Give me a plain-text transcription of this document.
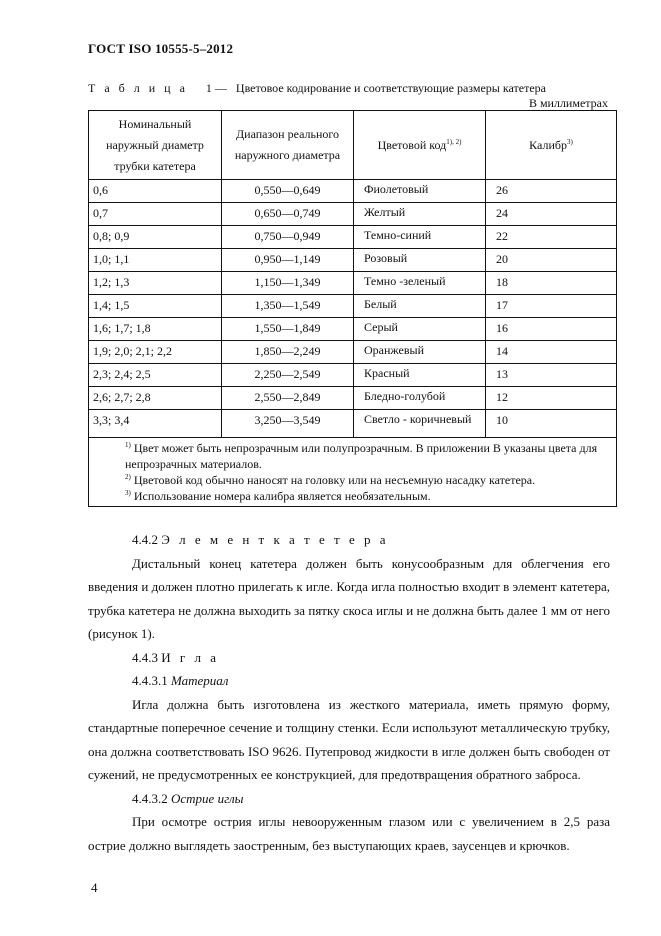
ГОСТ ISO 10555-5–2012
Т а б л и ц а 1 — Цветовое кодирование и соответствующие размеры катетера
В миллиметрах
Номинальный наружный диаметр трубки катетера	Диапазон реального наружного диаметра	Цветовой код$^{1), 2)}$	Калибр$^{3)}$
0,6	0,550—0,649	Фиолетовый	26
0,7	0,650—0,749	Желтый	24
0,8; 0,9	0,750—0,949	Темно-синий	22
1,0; 1,1	0,950—1,149	Розовый	20
1,2; 1,3	1,150—1,349	Темно -зеленый	18
1,4; 1,5	1,350—1,549	Белый	17
1,6; 1,7; 1,8	1,550—1,849	Серый	16
1,9; 2,0; 2,1; 2,2	1,850—2,249	Оранжевый	14
2,3; 2,4; 2,5	2,250—2,549	Красный	13
2,6; 2,7; 2,8	2,550—2,849	Бледно-голубой	12
3,3; 3,4	3,250—3,549	Светло - коричневый	10

$^{1)}$ Цвет может быть непрозрачным или полупрозрачным. В приложении В указаны цвета для непрозрачных материалов.
$^{2)}$ Цветовой код обычно наносят на головку или на несъемную насадку катетера.
$^{3)}$ Использование номера калибра является необязательным.			

4.4.2 Э л е м е н т к а т е т е р а

Дистальный конец катетера должен быть конусообразным для облегчения его введения и должен плотно прилегать к игле. Когда игла полностью входит в элемент катетера, трубка катетера не должна выходить за пятку скоса иглы и не должна быть далее 1 мм от него (рисунок 1).

4.4.3 И г л а

4.4.3.1 Материал

Игла должна быть изготовлена из жесткого материала, иметь прямую форму, стандартные поперечное сечение и толщину стенки. Если используют металлическую трубку, она должна соответствовать ISO 9626. Путепровод жидкости в игле должен быть свободен от сужений, не предусмотренных ее конструкцией, для предотвращения обратного заброса.

4.4.3.2 Острие иглы

При осмотре острия иглы невооруженным глазом или с увеличением в 2,5 раза острие должно выглядеть заостренным, без выступающих краев, заусенцев и крючков.

4
